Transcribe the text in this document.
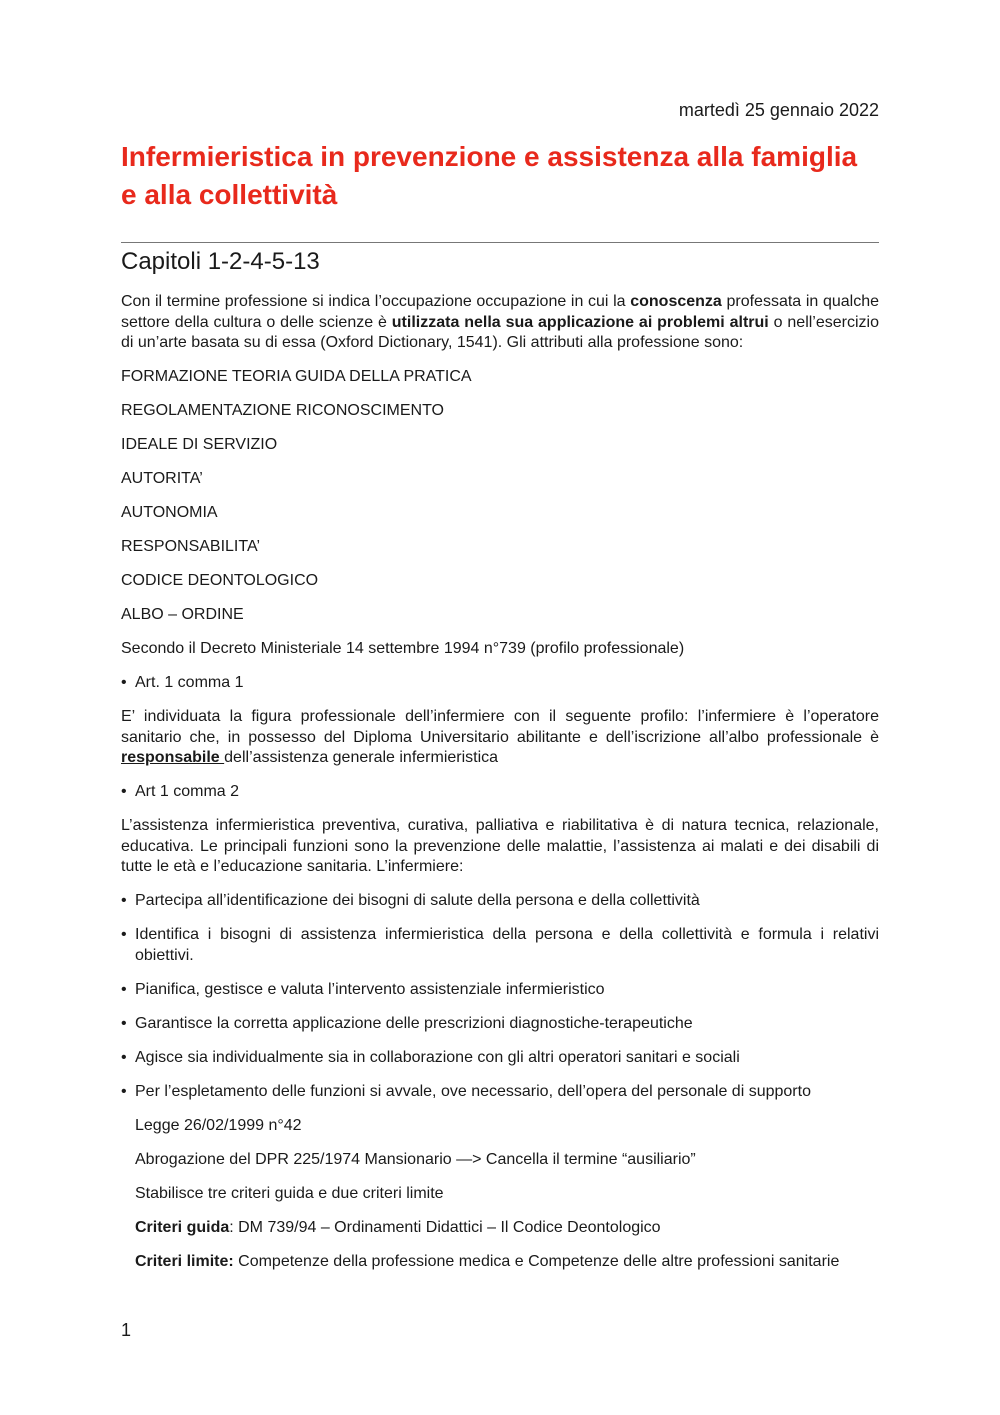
martedì 25 gennaio 2022
Infermieristica in prevenzione e assistenza alla famiglia e alla collettività
Capitoli 1-2-4-5-13

Con il termine professione si indica l’occupazione occupazione in cui la conoscenza professata in qualche settore della cultura o delle scienze è utilizzata nella sua applicazione ai problemi altrui o nell’esercizio di un’arte basata su di essa (Oxford Dictionary, 1541). Gli attributi alla professione sono:

FORMAZIONE TEORIA GUIDA DELLA PRATICA
REGOLAMENTAZIONE RICONOSCIMENTO
IDEALE DI SERVIZIO
AUTORITA’
AUTONOMIA
RESPONSABILITA’
CODICE DEONTOLOGICO
ALBO – ORDINE

Secondo il Decreto Ministeriale 14 settembre 1994 n°739 (profilo professionale)

• Art. 1 comma 1

E’ individuata la figura professionale dell’infermiere con il seguente profilo: l’infermiere è l’operatore sanitario che, in possesso del Diploma Universitario abilitante e dell’iscrizione all’albo professionale è responsabile dell’assistenza generale infermieristica

• Art 1 comma 2

L’assistenza infermieristica preventiva, curativa, palliativa e riabilitativa è di natura tecnica, relazionale, educativa. Le principali funzioni sono la prevenzione delle malattie, l’assistenza ai malati e dei disabili di tutte le età e l’educazione sanitaria. L’infermiere:

• Partecipa all’identificazione dei bisogni di salute della persona e della collettività
• Identifica i bisogni di assistenza infermieristica della persona e della collettività e formula i relativi obiettivi.
• Pianifica, gestisce e valuta l’intervento assistenziale infermieristico
• Garantisce la corretta applicazione delle prescrizioni diagnostiche-terapeutiche
• Agisce sia individualmente sia in collaborazione con gli altri operatori sanitari e sociali
• Per l’espletamento delle funzioni si avvale, ove necessario, dell’opera del personale di supporto
Legge 26/02/1999 n°42
Abrogazione del DPR 225/1974 Mansionario —> Cancella il termine “ausiliario”
Stabilisce tre criteri guida e due criteri limite
Criteri guida: DM 739/94 – Ordinamenti Didattici – Il Codice Deontologico
Criteri limite: Competenze della professione medica e Competenze delle altre professioni sanitarie
1
